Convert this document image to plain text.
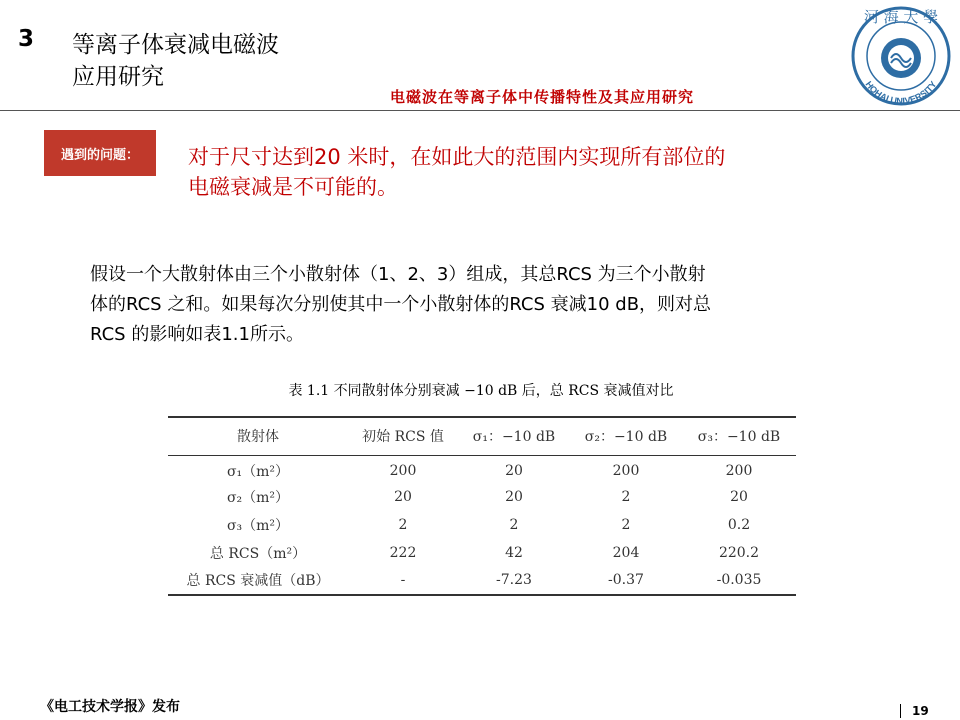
3 等离子体衰减电磁波
应用研究
电磁波在等离子体中传播特性及其应用研究
河 海 大 學
HOHAI UNIVERSITY
遇到的问题： 对于尺寸达到20 米时，在如此大的范围内实现所有部位的
电磁衰减是不可能的。
假设一个大散射体由三个小散射体（1、2、3）组成，其总RCS 为三个小散射
体的RCS 之和。如果每次分别使其中一个小散射体的RCS 衰减10 dB，则对总
RCS 的影响如表1.1所示。
表 1.1 不同散射体分别衰减 −10 dB 后，总 RCS 衰减值对比
散射体	初始 RCS 值	σ₁：−10 dB	σ₂：−10 dB	σ₃：−10 dB
σ₁（m²）	200	20	200	200
σ₂（m²）	20	20	2	20
σ₃（m²）	2	2	2	0.2
总 RCS（m²）	222	42	204	220.2
总 RCS 衰减值（dB）	-	-7.23	-0.37	-0.035
《电工技术学报》发布	19
